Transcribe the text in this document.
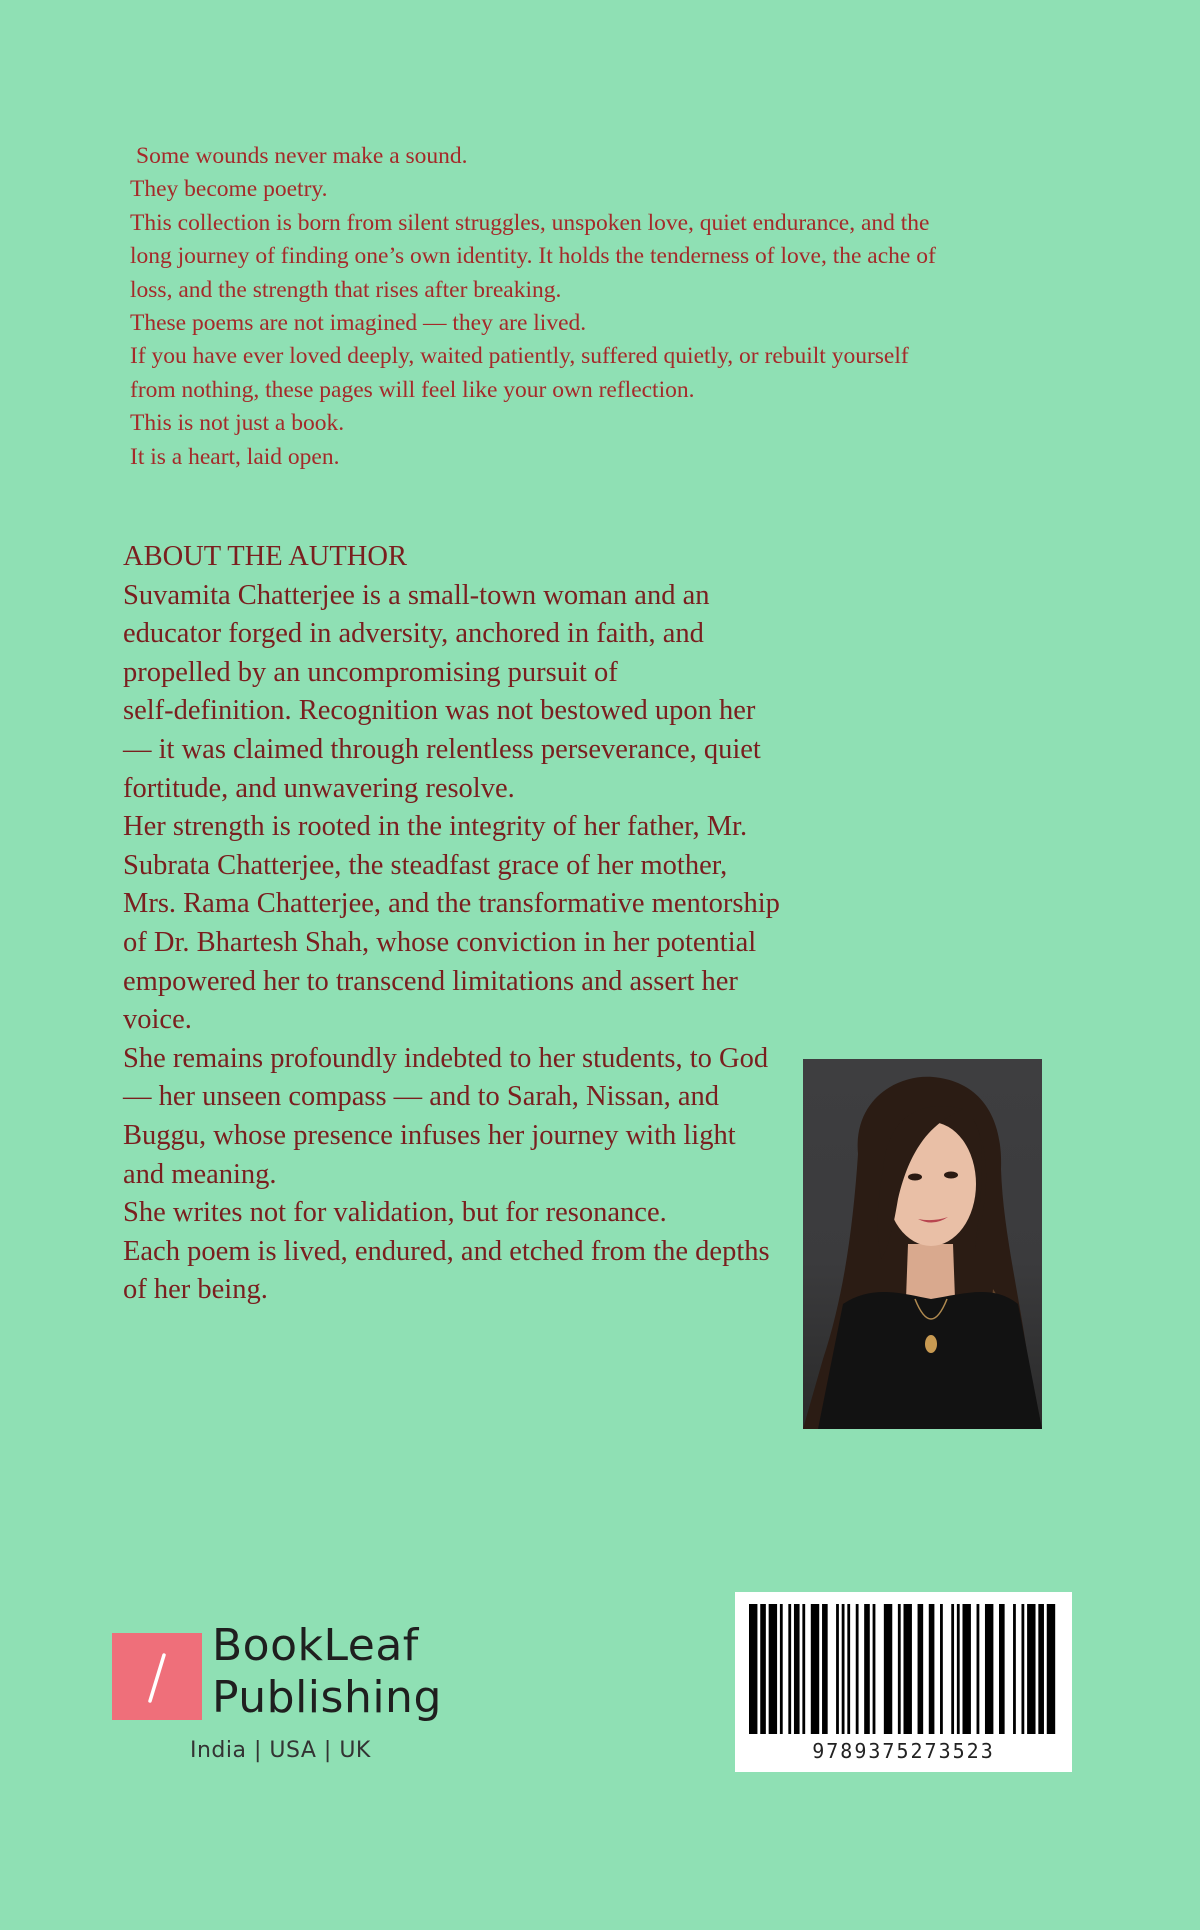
Some wounds never make a sound.
They become poetry.
This collection is born from silent struggles, unspoken love, quiet endurance, and the
long journey of finding one’s own identity. It holds the tenderness of love, the ache of
loss, and the strength that rises after breaking.
These poems are not imagined — they are lived.
If you have ever loved deeply, waited patiently, suffered quietly, or rebuilt yourself
from nothing, these pages will feel like your own reflection.
This is not just a book.
It is a heart, laid open.
ABOUT THE AUTHOR
Suvamita Chatterjee is a small-town woman and an
educator forged in adversity, anchored in faith, and
propelled by an uncompromising pursuit of
self-definition. Recognition was not bestowed upon her
— it was claimed through relentless perseverance, quiet
fortitude, and unwavering resolve.
Her strength is rooted in the integrity of her father, Mr.
Subrata Chatterjee, the steadfast grace of her mother,
Mrs. Rama Chatterjee, and the transformative mentorship
of Dr. Bhartesh Shah, whose conviction in her potential
empowered her to transcend limitations and assert her
voice.
She remains profoundly indebted to her students, to God
— her unseen compass — and to Sarah, Nissan, and
Buggu, whose presence infuses her journey with light
and meaning.
She writes not for validation, but for resonance.
Each poem is lived, endured, and etched from the depths
of her being.
BookLeaf
Publishing
India | USA | UK	9789375273523
